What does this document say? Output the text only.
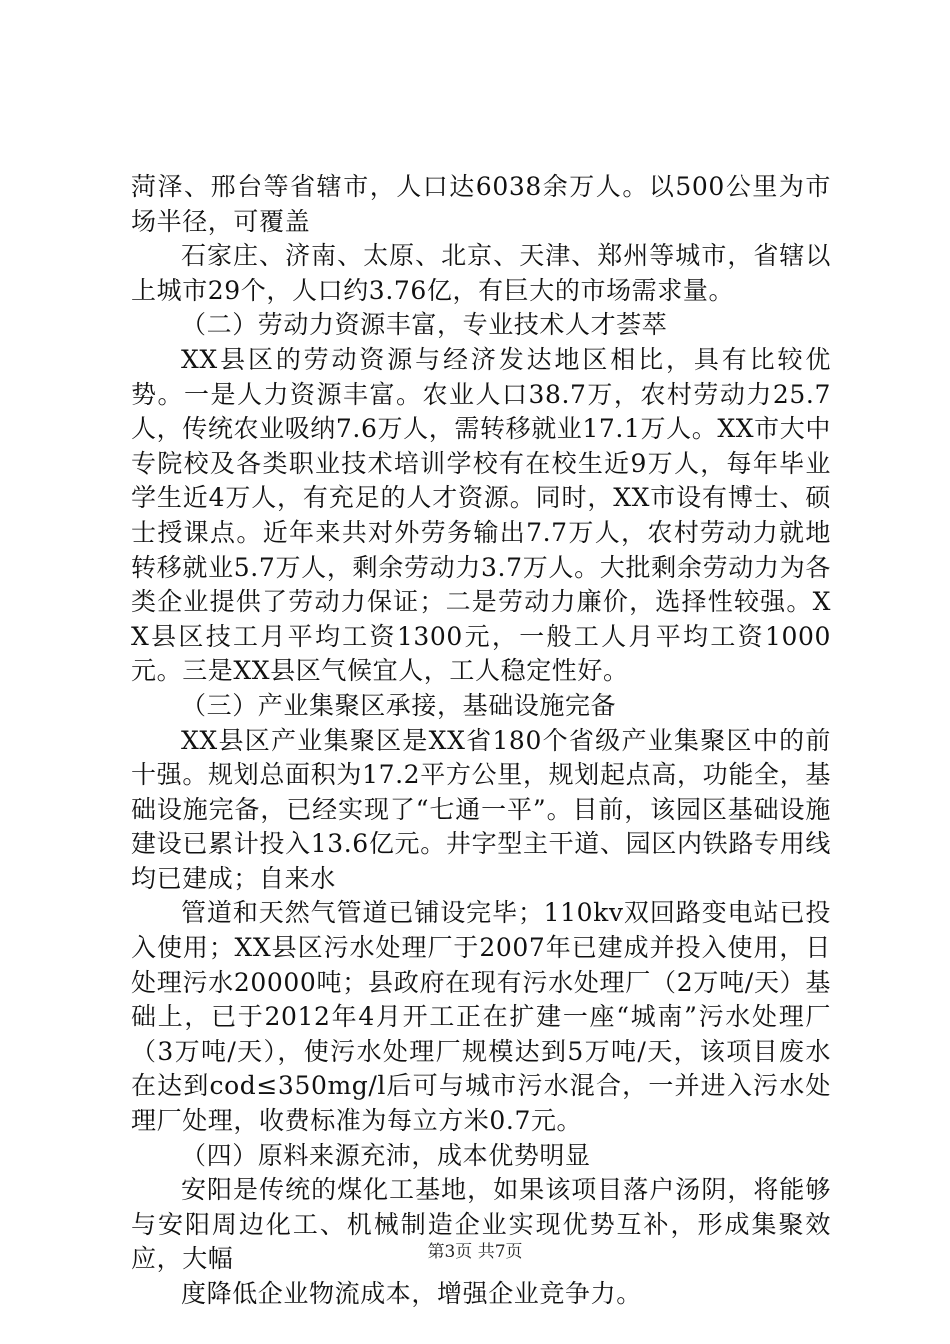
菏泽、邢台等省辖市，人口达6038余万人。以500公里为市场半径，可覆盖

石家庄、济南、太原、北京、天津、郑州等城市，省辖以上城市29个，人口约3.76亿，有巨大的市场需求量。

（二）劳动力资源丰富，专业技术人才荟萃

XX县区的劳动资源与经济发达地区相比，具有比较优势。一是人力资源丰富。农业人口38.7万，农村劳动力25.7人，传统农业吸纳7.6万人，需转移就业17.1万人。XX市大中专院校及各类职业技术培训学校有在校生近9万人，每年毕业学生近4万人，有充足的人才资源。同时，XX市设有博士、硕士授课点。近年来共对外劳务输出7.7万人，农村劳动力就地转移就业5.7万人，剩余劳动力3.7万人。大批剩余劳动力为各类企业提供了劳动力保证；二是劳动力廉价，选择性较强。XX县区技工月平均工资1300元，一般工人月平均工资1000元。三是XX县区气候宜人，工人稳定性好。

（三）产业集聚区承接，基础设施完备

XX县区产业集聚区是XX省180个省级产业集聚区中的前十强。规划总面积为17.2平方公里，规划起点高，功能全，基础设施完备，已经实现了“七通一平”。目前，该园区基础设施建设已累计投入13.6亿元。井字型主干道、园区内铁路专用线均已建成；自来水

管道和天然气管道已铺设完毕；110kv双回路变电站已投入使用；XX县区污水处理厂于2007年已建成并投入使用，日处理污水20000吨；县政府在现有污水处理厂（2万吨/天）基础上，已于2012年4月开工正在扩建一座“城南”污水处理厂（3万吨/天），使污水处理厂规模达到5万吨/天，该项目废水在达到cod≤350mg/l后可与城市污水混合，一并进入污水处理厂处理，收费标准为每立方米0.7元。

（四）原料来源充沛，成本优势明显

安阳是传统的煤化工基地，如果该项目落户汤阴，将能够与安阳周边化工、机械制造企业实现优势互补，形成集聚效应，大幅

度降低企业物流成本，增强企业竞争力。

第3页 共7页
